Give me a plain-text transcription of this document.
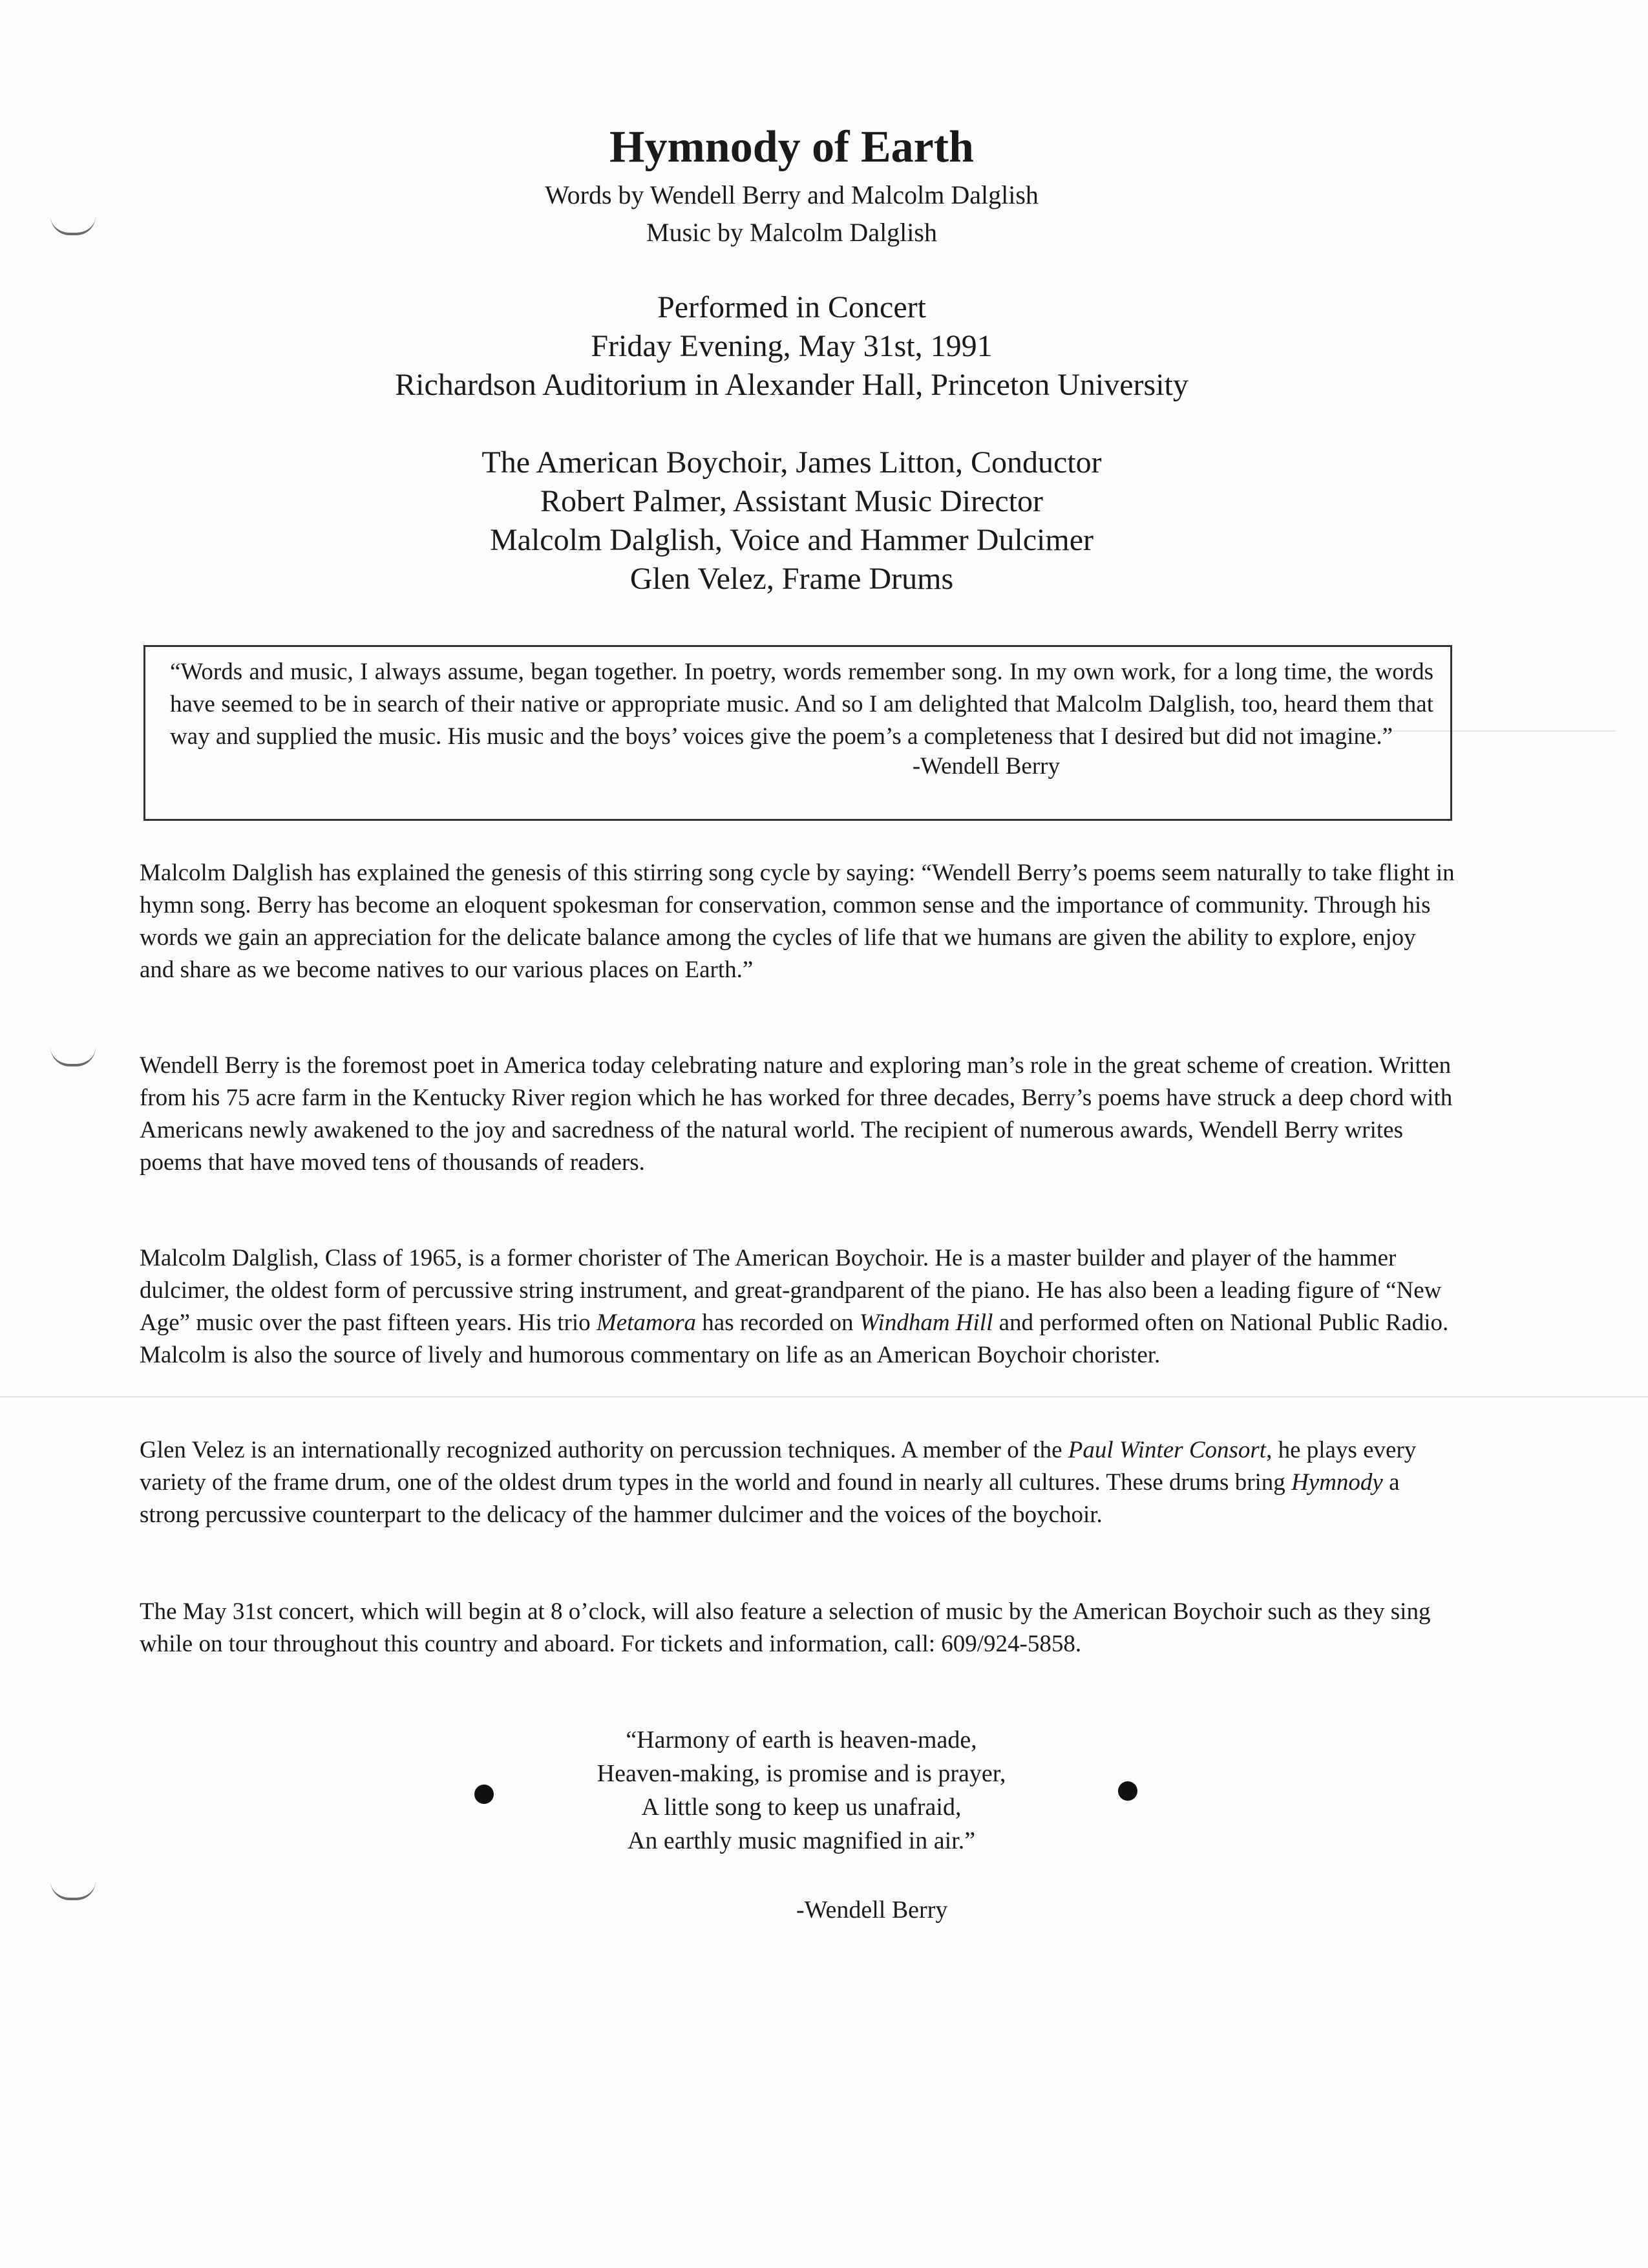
Hymnody of Earth
Words by Wendell Berry and Malcolm Dalglish
Music by Malcolm Dalglish
Performed in Concert
Friday Evening, May 31st, 1991
Richardson Auditorium in Alexander Hall, Princeton University
The American Boychoir, James Litton, Conductor
Robert Palmer, Assistant Music Director
Malcolm Dalglish, Voice and Hammer Dulcimer
Glen Velez, Frame Drums
“Words and music, I always assume, began together. In poetry, words remember song. In my own work, for a long time, the words have seemed to be in search of their native or appropriate music. And so I am delighted that Malcolm Dalglish, too, heard them that way and supplied the music. His music and the boys’ voices give the poem’s a completeness that I desired but did not imagine.”
-Wendell Berry
Malcolm Dalglish has explained the genesis of this stirring song cycle by saying: “Wendell Berry’s poems seem naturally to take flight in hymn song. Berry has become an eloquent spokesman for conservation, common sense and the importance of community. Through his words we gain an appreciation for the delicate balance among the cycles of life that we humans are given the ability to explore, enjoy and share as we become natives to our various places on Earth.”
Wendell Berry is the foremost poet in America today celebrating nature and exploring man’s role in the great scheme of creation. Written from his 75 acre farm in the Kentucky River region which he has worked for three decades, Berry’s poems have struck a deep chord with Americans newly awakened to the joy and sacredness of the natural world. The recipient of numerous awards, Wendell Berry writes poems that have moved tens of thousands of readers.
Malcolm Dalglish, Class of 1965, is a former chorister of The American Boychoir. He is a master builder and player of the hammer dulcimer, the oldest form of percussive string instrument, and great-grandparent of the piano. He has also been a leading figure of “New Age” music over the past fifteen years. His trio Metamora has recorded on Windham Hill and performed often on National Public Radio. Malcolm is also the source of lively and humorous commentary on life as an American Boychoir chorister.
Glen Velez is an internationally recognized authority on percussion techniques. A member of the Paul Winter Consort, he plays every variety of the frame drum, one of the oldest drum types in the world and found in nearly all cultures. These drums bring Hymnody a strong percussive counterpart to the delicacy of the hammer dulcimer and the voices of the boychoir.
The May 31st concert, which will begin at 8 o’clock, will also feature a selection of music by the American Boychoir such as they sing while on tour throughout this country and aboard. For tickets and information, call: 609/924-5858.
“Harmony of earth is heaven-made,
Heaven-making, is promise and is prayer,
A little song to keep us unafraid,
An earthly music magnified in air.”
-Wendell Berry
